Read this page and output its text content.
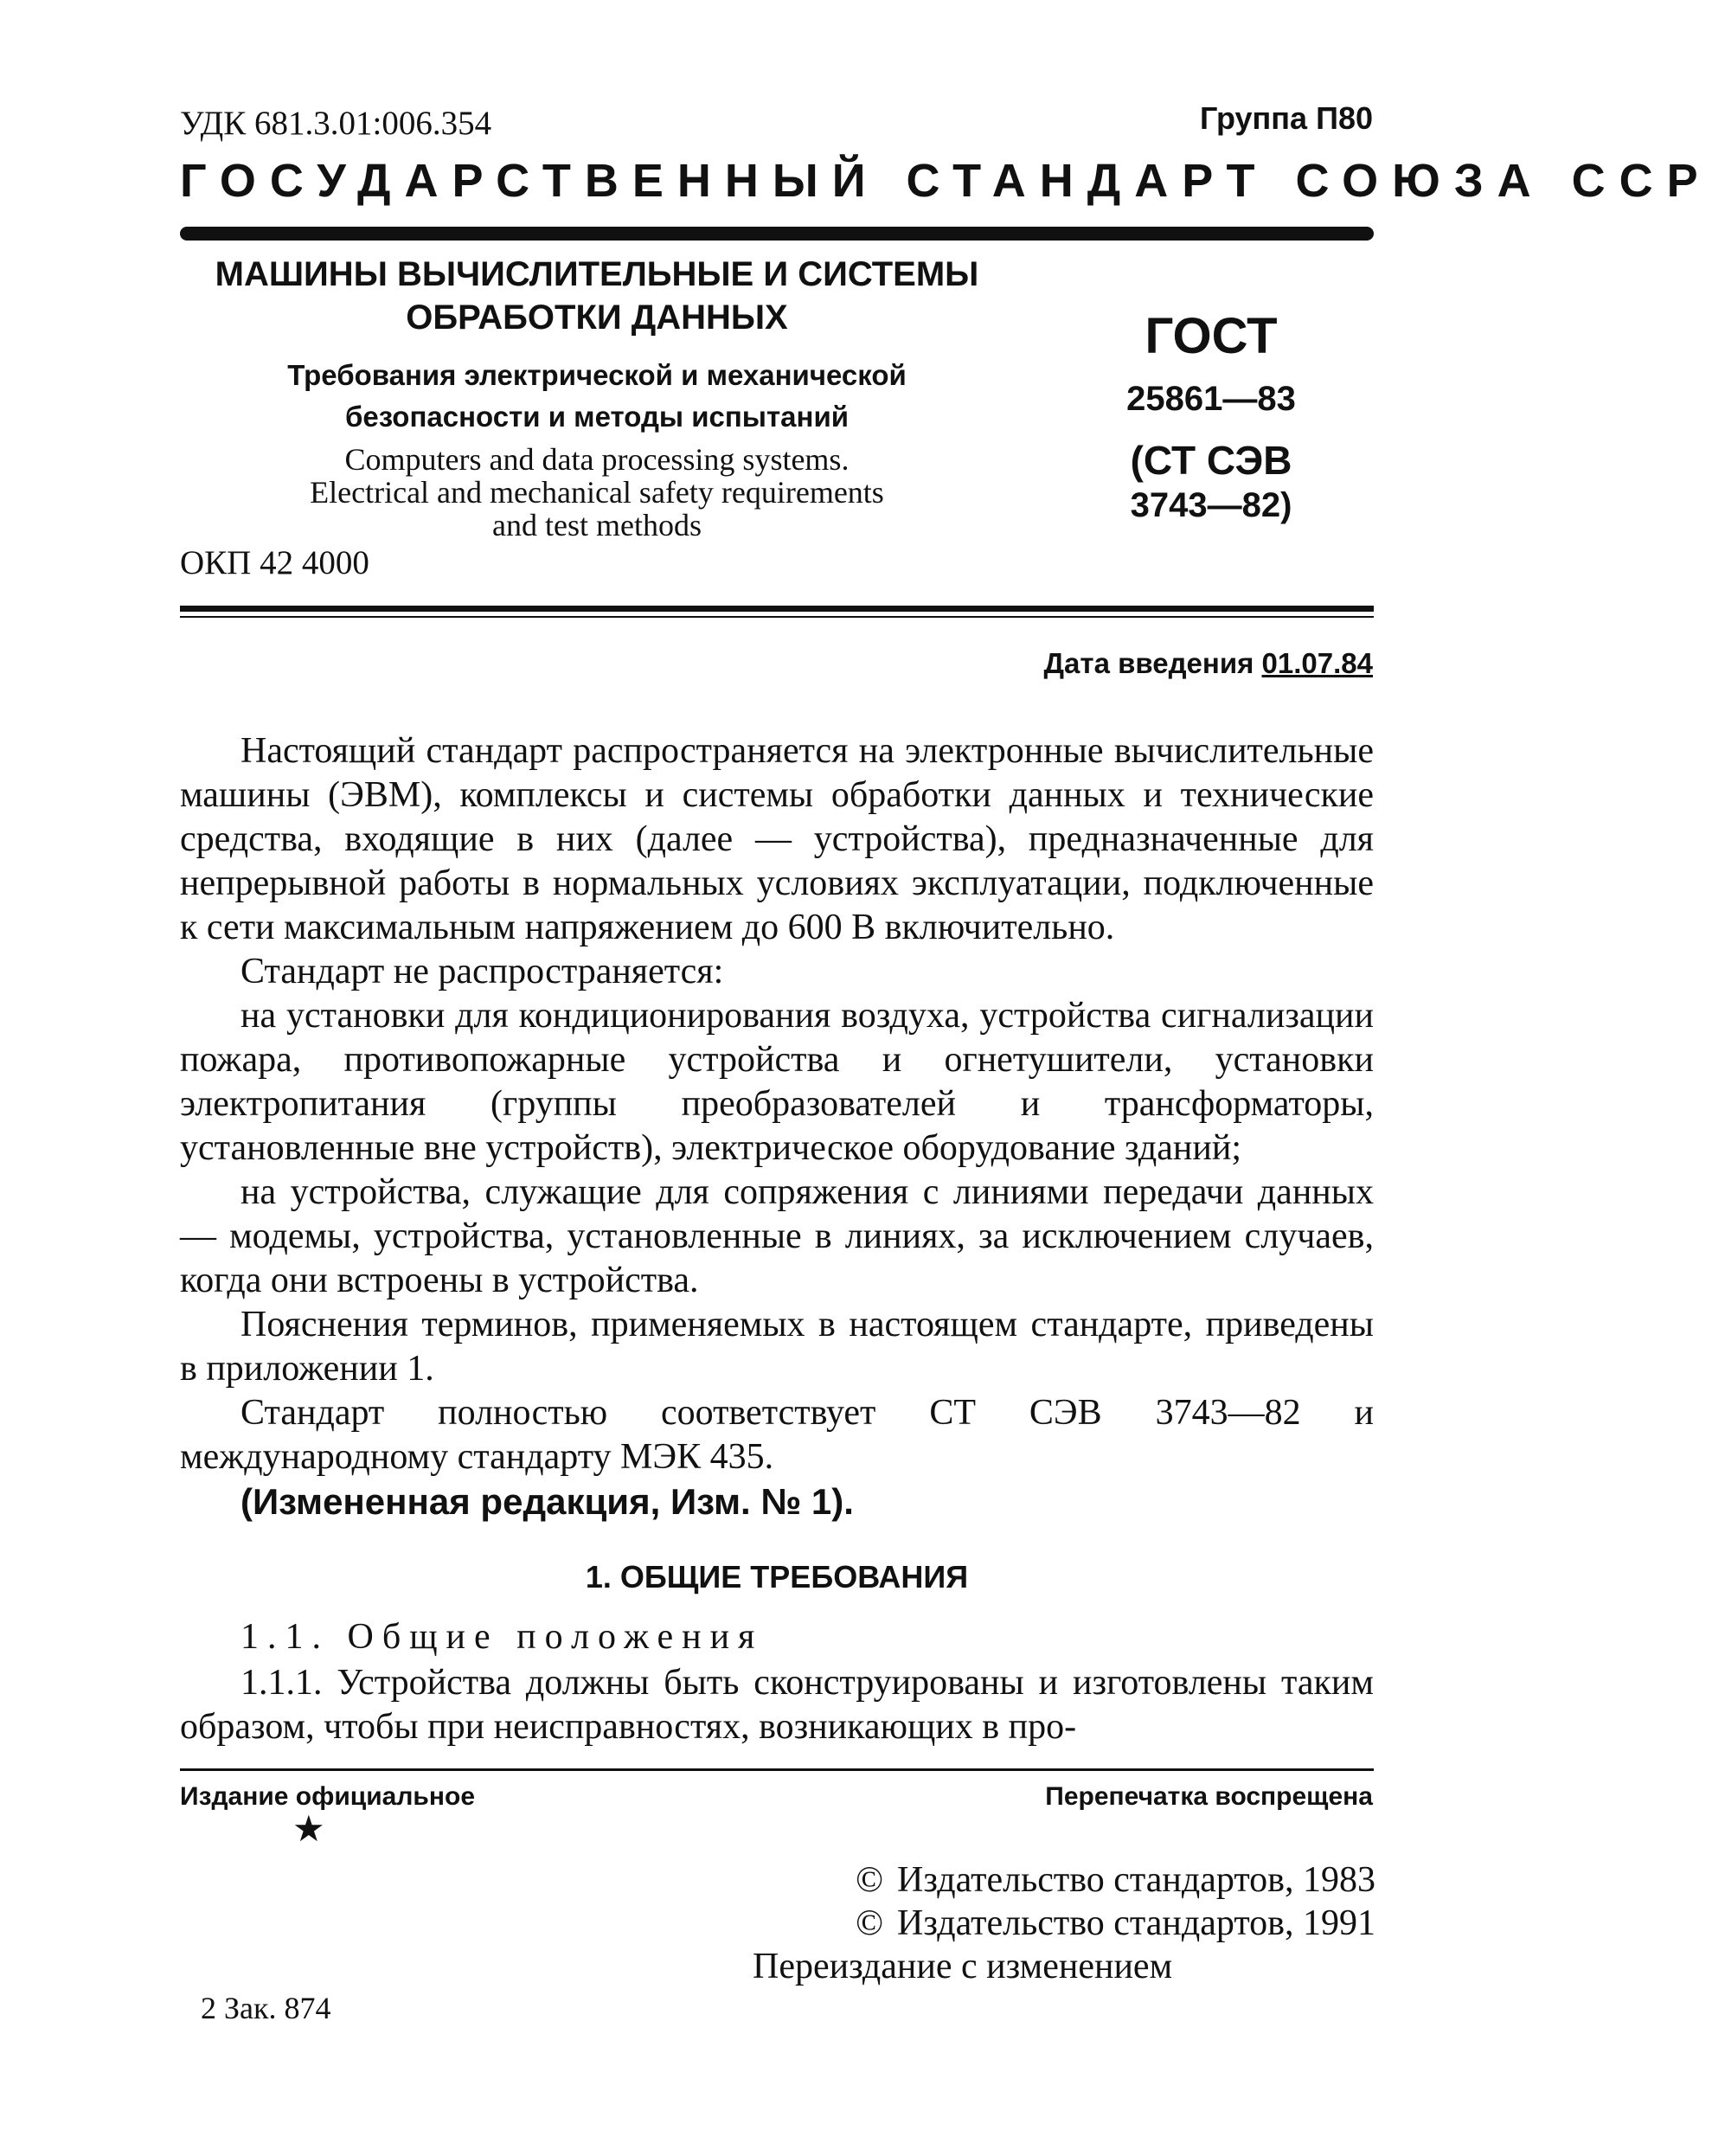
УДК 681.3.01:006.354	Группа П80
ГОСУДАРСТВЕННЫЙ СТАНДАРТ СОЮЗА ССР
МАШИНЫ ВЫЧИСЛИТЕЛЬНЫЕ И СИСТЕМЫ
ОБРАБОТКИ ДАННЫХ
Требования электрической и механической
безопасности и методы испытаний
Computers and data processing systems.
Electrical and mechanical safety requirements
and test methods
ГОСТ
25861—83
(СТ СЭВ
3743—82)
ОКП 42 4000
Дата введения 01.07.84

Настоящий стандарт распространяется на электронные вычислительные машины (ЭВМ), комплексы и системы обработки данных и технические средства, входящие в них (далее — устройства), предназначенные для непрерывной работы в нормальных условиях эксплуатации, подключенные к сети максимальным напряжением до 600 В включительно.

Стандарт не распространяется:

на установки для кондиционирования воздуха, устройства сигнализации пожара, противопожарные устройства и огнетушители, установки электропитания (группы преобразователей и трансформаторы, установленные вне устройств), электрическое оборудование зданий;

на устройства, служащие для сопряжения с линиями передачи данных — модемы, устройства, установленные в линиях, за исключением случаев, когда они встроены в устройства.

Пояснения терминов, применяемых в настоящем стандарте, приведены в приложении 1.

Стандарт полностью соответствует СТ СЭВ 3743—82 и международному стандарту МЭК 435.

(Измененная редакция, Изм. № 1).

1. ОБЩИЕ ТРЕБОВАНИЯ
1.1. Общие положения

1.1.1. Устройства должны быть сконструированы и изготовлены таким образом, чтобы при неисправностях, возникающих в про-

Издание официальное	Перепечатка воспрещена
★
© Издательство стандартов, 1983
© Издательство стандартов, 1991
Переиздание с изменением
2 Зак. 874
